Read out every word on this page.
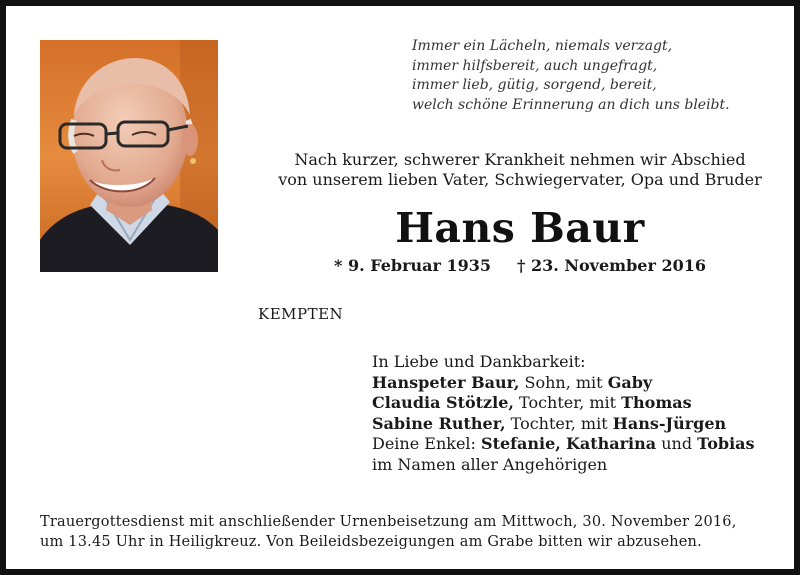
Immer ein Lächeln, niemals verzagt,
immer hilfsbereit, auch ungefragt,
immer lieb, gütig, sorgend, bereit,
welch schöne Erinnerung an dich uns bleibt.
Nach kurzer, schwerer Krankheit nehmen wir Abschied
von unserem lieben Vater, Schwiegervater, Opa und Bruder
Hans Baur
* 9. Februar 1935 † 23. November 2016
KEMPTEN
In Liebe und Dankbarkeit:
Hanspeter Baur, Sohn, mit Gaby
Claudia Stötzle, Tochter, mit Thomas
Sabine Ruther, Tochter, mit Hans-Jürgen
Deine Enkel: Stefanie, Katharina und Tobias
im Namen aller Angehörigen
Trauergottesdienst mit anschließender Urnenbeisetzung am Mittwoch, 30. November 2016,
um 13.45 Uhr in Heiligkreuz. Von Beileidsbezeigungen am Grabe bitten wir abzusehen.
